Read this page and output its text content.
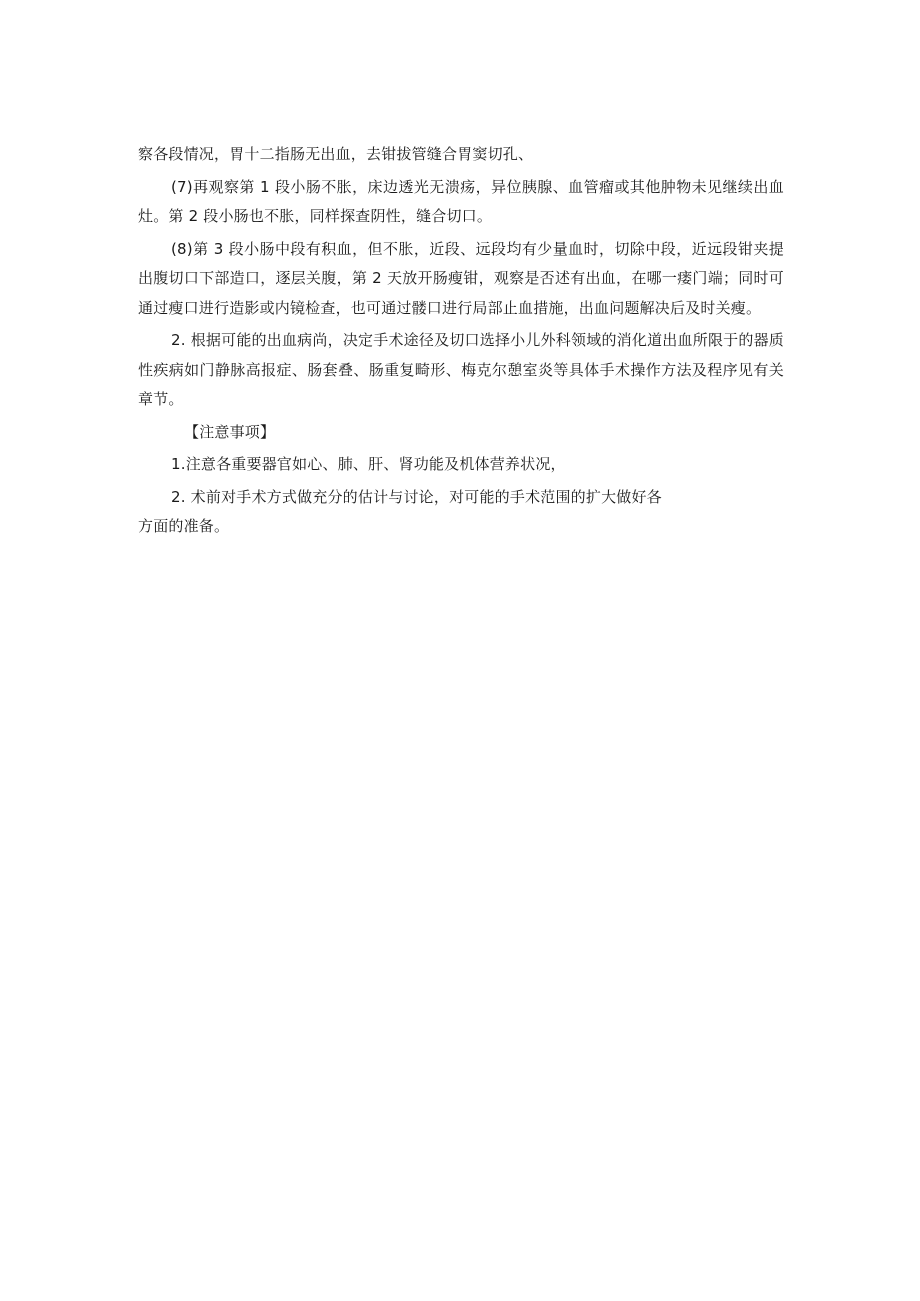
察各段情况，胃十二指肠无出血，去钳拔管缝合胃窦切孔、

(7)再观察第 1 段小肠不胀，床边透光无溃疡，异位胰腺、血管瘤或其他肿物未见继续出血灶。第 2 段小肠也不胀，同样探查阴性，缝合切口。

(8)第 3 段小肠中段有积血，但不胀，近段、远段均有少量血时，切除中段，近远段钳夹提出腹切口下部造口，逐层关腹，第 2 天放开肠瘦钳，观察是否述有出血，在哪一瘘门端；同时可通过瘦口进行造影或内镜检查，也可通过髅口进行局部止血措施，出血问题解决后及时关瘦。

2. 根据可能的出血病尚，决定手术途径及切口选择小儿外科领域的消化道出血所限于的器质性疾病如门静脉高报症、肠套叠、肠重复畸形、梅克尔憩室炎等具体手术操作方法及程序见有关章节。

【注意事项】

1.注意各重要器官如心、肺、肝、肾功能及机体营养状况，

2. 术前对手术方式做充分的估计与讨论，对可能的手术范围的扩大做好各

方面的准备。
